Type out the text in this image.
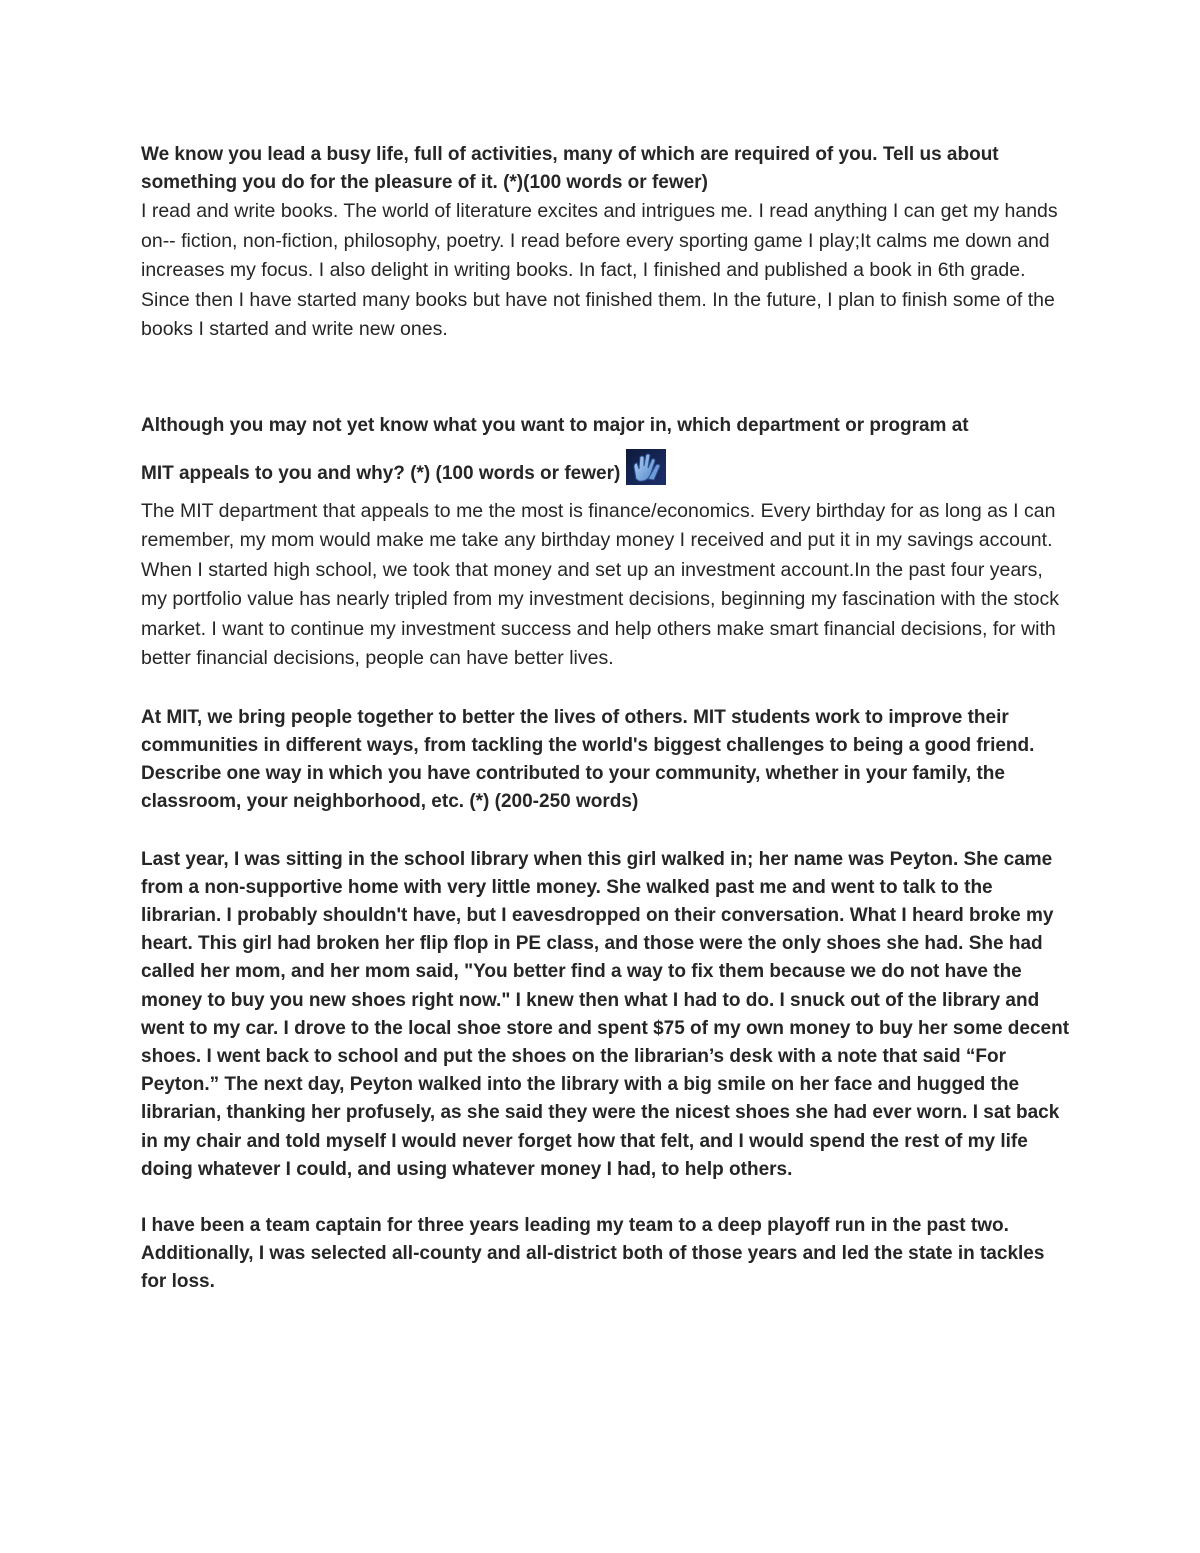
We know you lead a busy life, full of activities, many of which are required of you. Tell us about something you do for the pleasure of it. (*)(100 words or fewer)

I read and write books. The world of literature excites and intrigues me. I read anything I can get my hands on-- fiction, non-fiction, philosophy, poetry. I read before every sporting game I play;It calms me down and increases my focus. I also delight in writing books. In fact, I finished and published a book in 6th grade. Since then I have started many books but have not finished them. In the future, I plan to finish some of the books I started and write new ones.

Although you may not yet know what you want to major in, which department or program at
MIT appeals to you and why? (*) (100 words or fewer)

The MIT department that appeals to me the most is finance/economics. Every birthday for as long as I can remember, my mom would make me take any birthday money I received and put it in my savings account. When I started high school, we took that money and set up an investment account.In the past four years, my portfolio value has nearly tripled from my investment decisions, beginning my fascination with the stock market. I want to continue my investment success and help others make smart financial decisions, for with better financial decisions, people can have better lives.

At MIT, we bring people together to better the lives of others. MIT students work to improve their communities in different ways, from tackling the world's biggest challenges to being a good friend. Describe one way in which you have contributed to your community, whether in your family, the classroom, your neighborhood, etc. (*) (200-250 words)

Last year, I was sitting in the school library when this girl walked in; her name was Peyton. She came from a non-supportive home with very little money. She walked past me and went to talk to the librarian. I probably shouldn't have, but I eavesdropped on their conversation. What I heard broke my heart. This girl had broken her flip flop in PE class, and those were the only shoes she had. She had called her mom, and her mom said, "You better find a way to fix them because we do not have the money to buy you new shoes right now." I knew then what I had to do. I snuck out of the library and went to my car. I drove to the local shoe store and spent $75 of my own money to buy her some decent shoes. I went back to school and put the shoes on the librarian’s desk with a note that said “For Peyton.” The next day, Peyton walked into the library with a big smile on her face and hugged the librarian, thanking her profusely, as she said they were the nicest shoes she had ever worn. I sat back in my chair and told myself I would never forget how that felt, and I would spend the rest of my life doing whatever I could, and using whatever money I had, to help others.

I have been a team captain for three years leading my team to a deep playoff run in the past two. Additionally, I was selected all-county and all-district both of those years and led the state in tackles for loss.
